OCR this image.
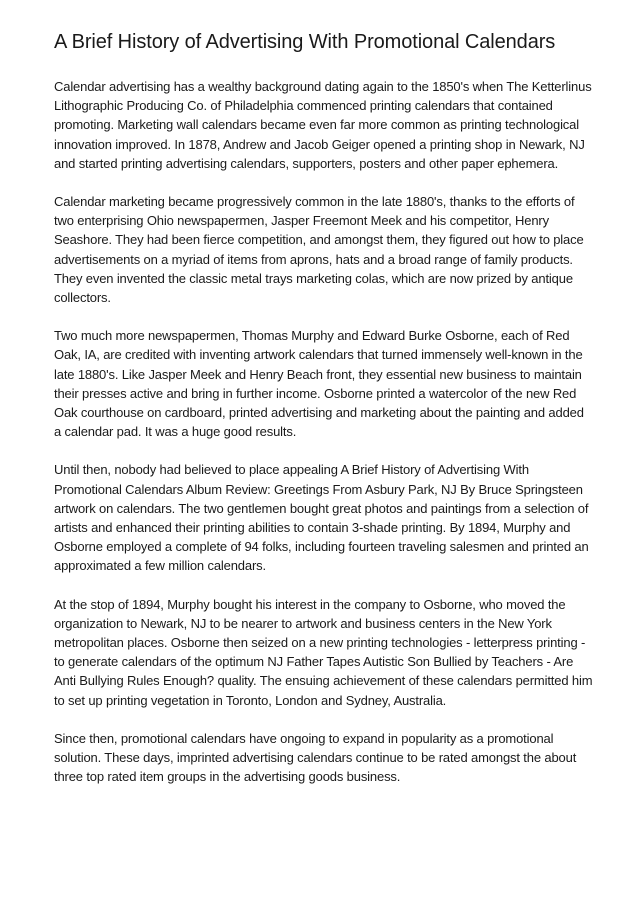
A Brief History of Advertising With Promotional Calendars

Calendar advertising has a wealthy background dating again to the 1850's when The Ketterlinus Lithographic Producing Co. of Philadelphia commenced printing calendars that contained promoting. Marketing wall calendars became even far more common as printing technological innovation improved. In 1878, Andrew and Jacob Geiger opened a printing shop in Newark, NJ and started printing advertising calendars, supporters, posters and other paper ephemera.

Calendar marketing became progressively common in the late 1880's, thanks to the efforts of two enterprising Ohio newspapermen, Jasper Freemont Meek and his competitor, Henry Seashore. They had been fierce competition, and amongst them, they figured out how to place advertisements on a myriad of items from aprons, hats and a broad range of family products. They even invented the classic metal trays marketing colas, which are now prized by antique collectors.

Two much more newspapermen, Thomas Murphy and Edward Burke Osborne, each of Red Oak, IA, are credited with inventing artwork calendars that turned immensely well-known in the late 1880's. Like Jasper Meek and Henry Beach front, they essential new business to maintain their presses active and bring in further income. Osborne printed a watercolor of the new Red Oak courthouse on cardboard, printed advertising and marketing about the painting and added a calendar pad. It was a huge good results.

Until then, nobody had believed to place appealing A Brief History of Advertising With Promotional Calendars Album Review: Greetings From Asbury Park, NJ By Bruce Springsteen artwork on calendars. The two gentlemen bought great photos and paintings from a selection of artists and enhanced their printing abilities to contain 3-shade printing. By 1894, Murphy and Osborne employed a complete of 94 folks, including fourteen traveling salesmen and printed an approximated a few million calendars.

At the stop of 1894, Murphy bought his interest in the company to Osborne, who moved the organization to Newark, NJ to be nearer to artwork and business centers in the New York metropolitan places. Osborne then seized on a new printing technologies - letterpress printing - to generate calendars of the optimum NJ Father Tapes Autistic Son Bullied by Teachers - Are Anti Bullying Rules Enough? quality. The ensuing achievement of these calendars permitted him to set up printing vegetation in Toronto, London and Sydney, Australia.

Since then, promotional calendars have ongoing to expand in popularity as a promotional solution. These days, imprinted advertising calendars continue to be rated amongst the about three top rated item groups in the advertising goods business.
